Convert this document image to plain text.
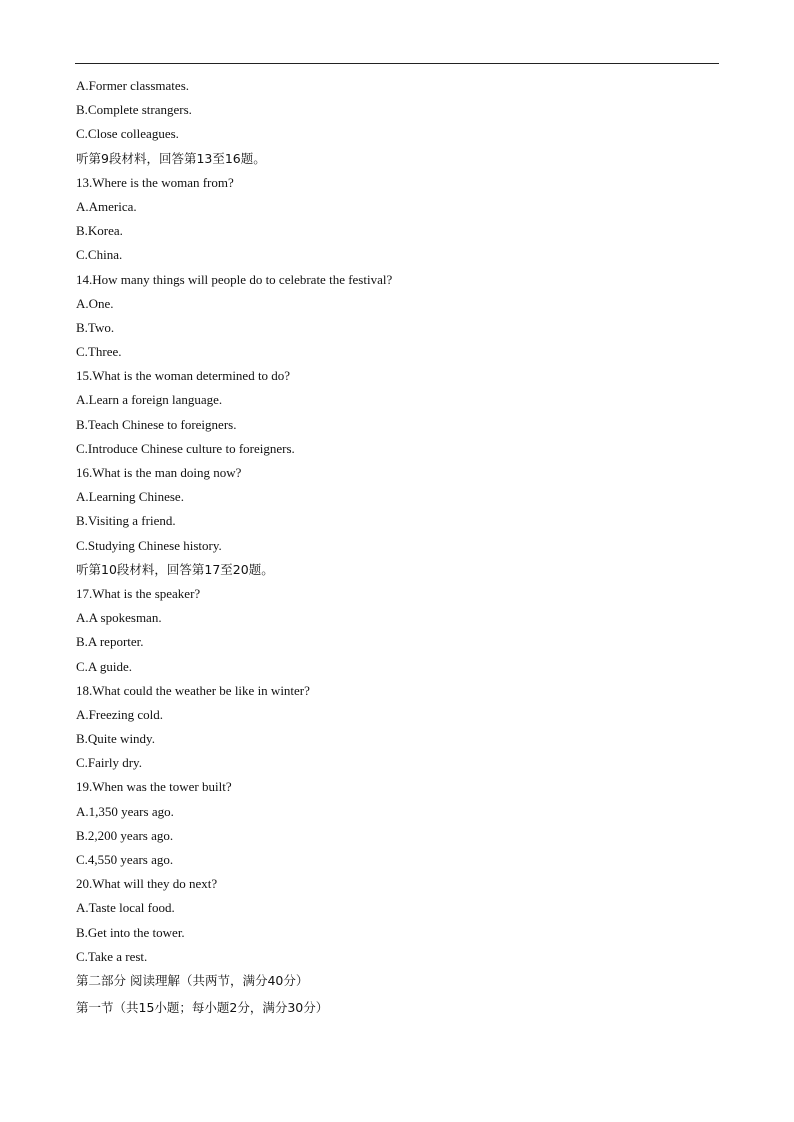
A.Former classmates.
B.Complete strangers.
C.Close colleagues.
听第9段材料，回答第13至16题。
13.Where is the woman from?
A.America.
B.Korea.
C.China.
14.How many things will people do to celebrate the festival?
A.One.
B.Two.
C.Three.
15.What is the woman determined to do?
A.Learn a foreign language.
B.Teach Chinese to foreigners.
C.Introduce Chinese culture to foreigners.
16.What is the man doing now?
A.Learning Chinese.
B.Visiting a friend.
C.Studying Chinese history.
听第10段材料，回答第17至20题。
17.What is the speaker?
A.A spokesman.
B.A reporter.
C.A guide.
18.What could the weather be like in winter?
A.Freezing cold.
B.Quite windy.
C.Fairly dry.
19.When was the tower built?
A.1,350 years ago.
B.2,200 years ago.
C.4,550 years ago.
20.What will they do next?
A.Taste local food.
B.Get into the tower.
C.Take a rest.
第二部分 阅读理解（共两节，满分40分）
第一节（共15小题；每小题2分，满分30分）
